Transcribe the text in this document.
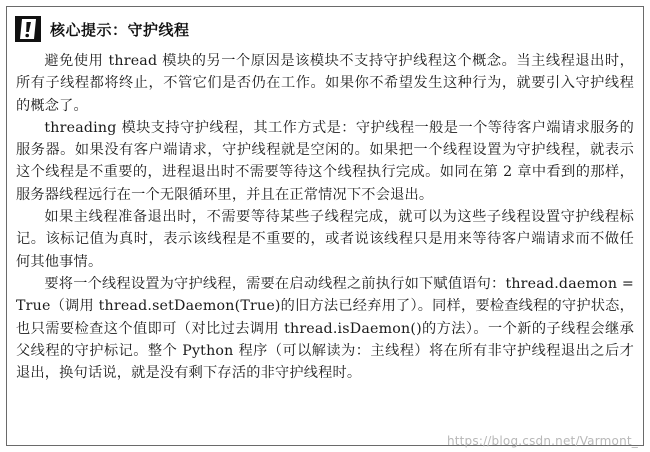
核心提示：守护线程

避免使用 thread 模块的另一个原因是该模块不支持守护线程这个概念。当主线程退出时，所有子线程都将终止，不管它们是否仍在工作。如果你不希望发生这种行为，就要引入守护线程的概念了。

threading 模块支持守护线程，其工作方式是：守护线程一般是一个等待客户端请求服务的服务器。如果没有客户端请求，守护线程就是空闲的。如果把一个线程设置为守护线程，就表示这个线程是不重要的，进程退出时不需要等待这个线程执行完成。如同在第 2 章中看到的那样，服务器线程远行在一个无限循环里，并且在正常情况下不会退出。

如果主线程准备退出时，不需要等待某些子线程完成，就可以为这些子线程设置守护线程标记。该标记值为真时，表示该线程是不重要的，或者说该线程只是用来等待客户端请求而不做任何其他事情。

要将一个线程设置为守护线程，需要在启动线程之前执行如下赋值语句：thread.daemon = True（调用 thread.setDaemon(True)的旧方法已经弃用了）。同样，要检查线程的守护状态，也只需要检查这个值即可（对比过去调用 thread.isDaemon()的方法）。一个新的子线程会继承父线程的守护标记。整个 Python 程序（可以解读为：主线程）将在所有非守护线程退出之后才退出，换句话说，就是没有剩下存活的非守护线程时。

https://blog.csdn.net/Varmont_
